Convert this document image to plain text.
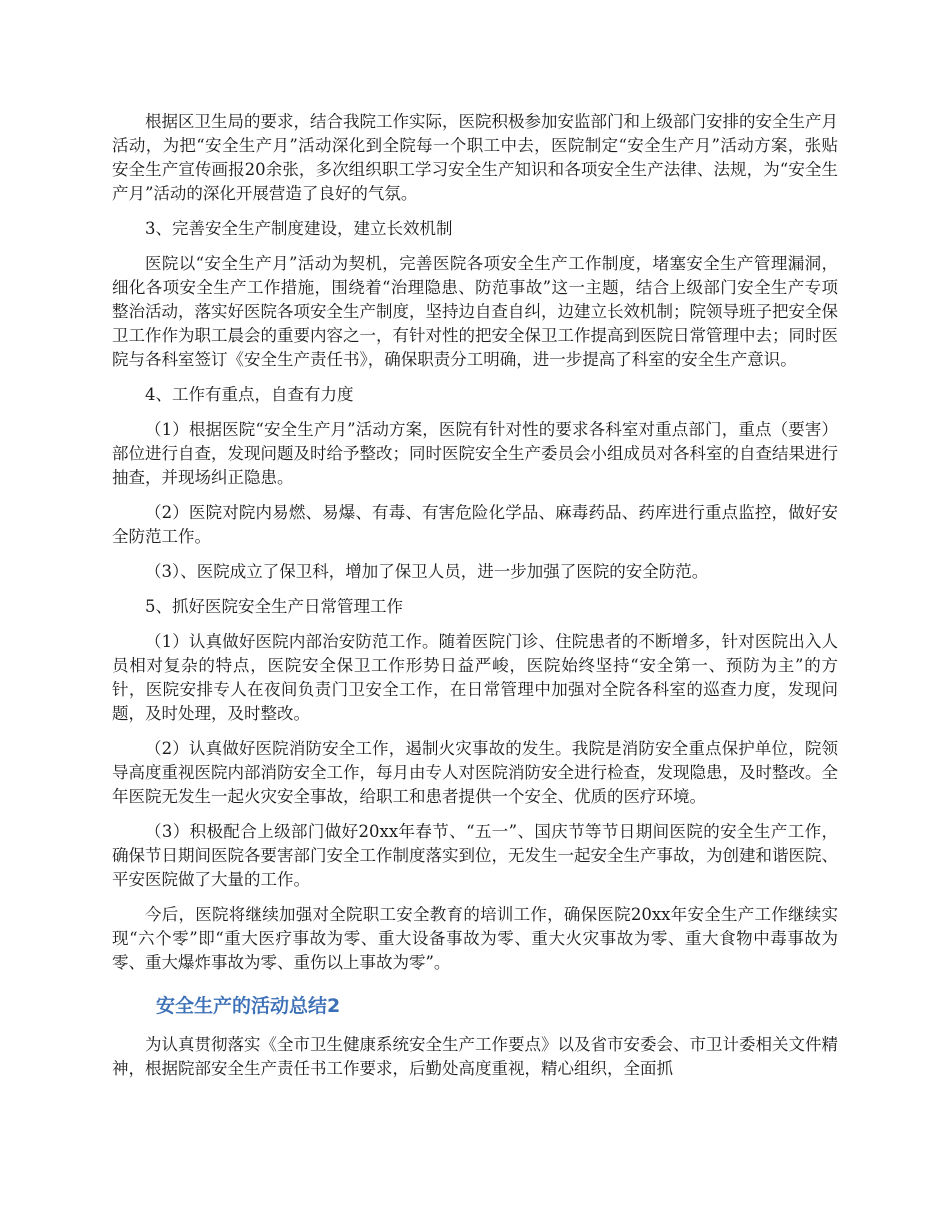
根据区卫生局的要求，结合我院工作实际，医院积极参加安监部门和上级部门安排的安全生产月活动，为把“安全生产月”活动深化到全院每一个职工中去，医院制定“安全生产月”活动方案，张贴安全生产宣传画报20余张，多次组织职工学习安全生产知识和各项安全生产法律、法规，为“安全生产月”活动的深化开展营造了良好的气氛。

3、完善安全生产制度建设，建立长效机制

医院以“安全生产月”活动为契机，完善医院各项安全生产工作制度，堵塞安全生产管理漏洞，细化各项安全生产工作措施，围绕着“治理隐患、防范事故”这一主题，结合上级部门安全生产专项整治活动，落实好医院各项安全生产制度，坚持边自查自纠，边建立长效机制；院领导班子把安全保卫工作作为职工晨会的重要内容之一，有针对性的把安全保卫工作提高到医院日常管理中去；同时医院与各科室签订《安全生产责任书》，确保职责分工明确，进一步提高了科室的安全生产意识。

4、工作有重点，自查有力度

（1）根据医院“安全生产月”活动方案，医院有针对性的要求各科室对重点部门，重点（要害）部位进行自查，发现问题及时给予整改；同时医院安全生产委员会小组成员对各科室的自查结果进行抽查，并现场纠正隐患。

（2）医院对院内易燃、易爆、有毒、有害危险化学品、麻毒药品、药库进行重点监控，做好安全防范工作。

（3）、医院成立了保卫科，增加了保卫人员，进一步加强了医院的安全防范。

5、抓好医院安全生产日常管理工作

（1）认真做好医院内部治安防范工作。随着医院门诊、住院患者的不断增多，针对医院出入人员相对复杂的特点，医院安全保卫工作形势日益严峻，医院始终坚持“安全第一、预防为主”的方针，医院安排专人在夜间负责门卫安全工作，在日常管理中加强对全院各科室的巡查力度，发现问题，及时处理，及时整改。

（2）认真做好医院消防安全工作，遏制火灾事故的发生。我院是消防安全重点保护单位，院领导高度重视医院内部消防安全工作，每月由专人对医院消防安全进行检查，发现隐患，及时整改。全年医院无发生一起火灾安全事故，给职工和患者提供一个安全、优质的医疗环境。

（3）积极配合上级部门做好20xx年春节、“五一”、国庆节等节日期间医院的安全生产工作，确保节日期间医院各要害部门安全工作制度落实到位，无发生一起安全生产事故，为创建和谐医院、平安医院做了大量的工作。

今后，医院将继续加强对全院职工安全教育的培训工作，确保医院20xx年安全生产工作继续实现“六个零”即“重大医疗事故为零、重大设备事故为零、重大火灾事故为零、重大食物中毒事故为零、重大爆炸事故为零、重伤以上事故为零”。

安全生产的活动总结2

为认真贯彻落实《全市卫生健康系统安全生产工作要点》以及省市安委会、市卫计委相关文件精神，根据院部安全生产责任书工作要求，后勤处高度重视，精心组织，全面抓
